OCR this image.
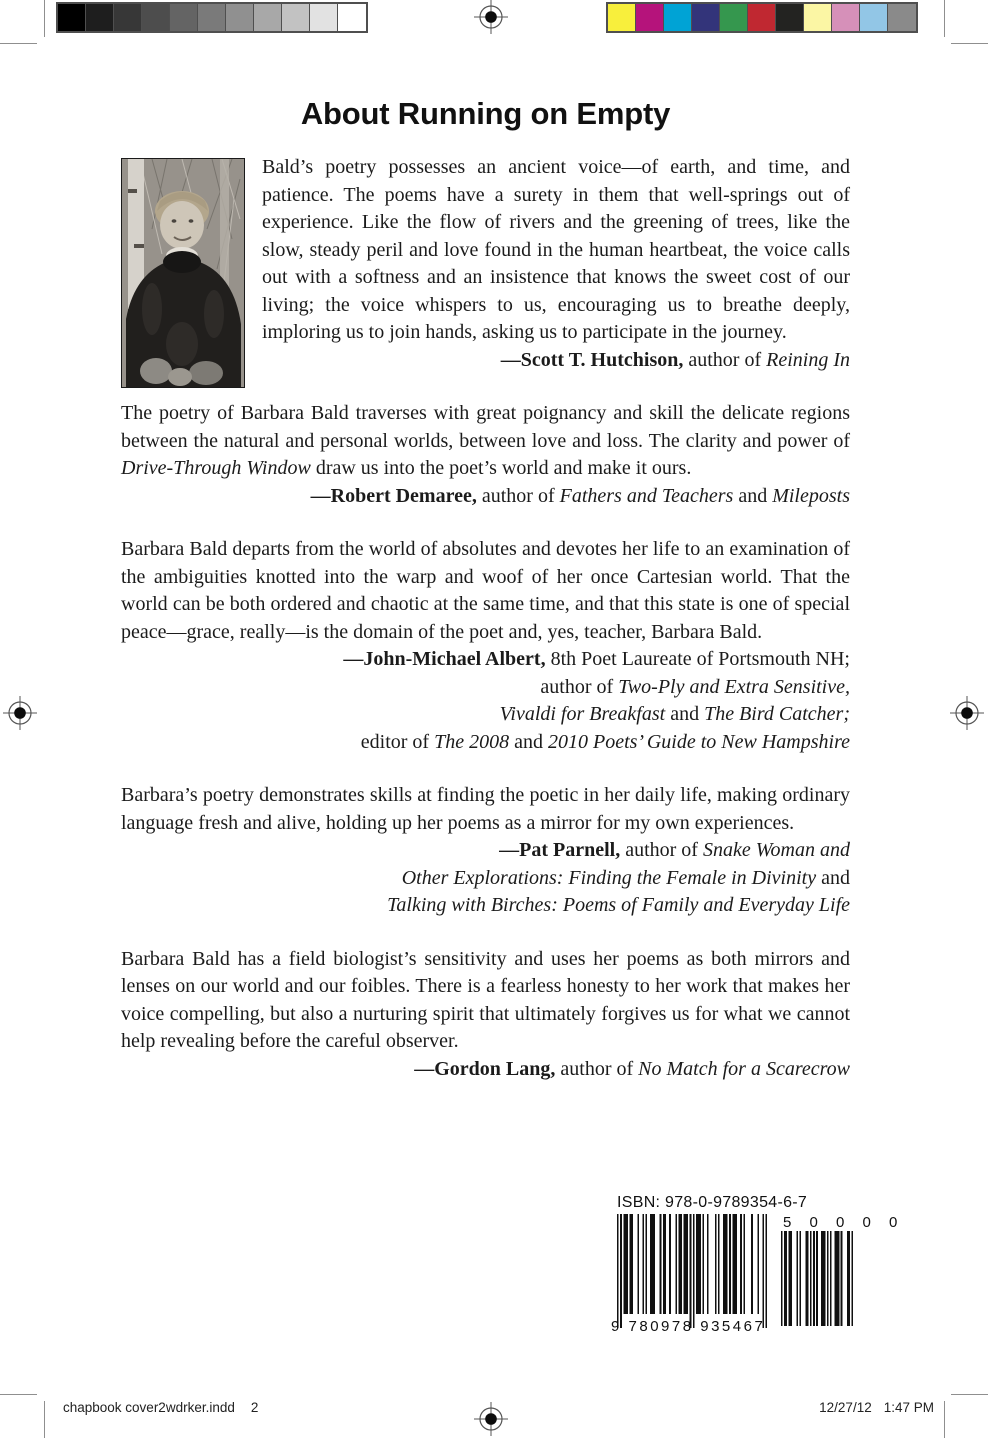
About Running on Empty

Bald’s poetry possesses an ancient voice—of earth, and time, and patience. The poems have a surety in them that well-springs out of experience. Like the flow of rivers and the greening of trees, like the slow, steady peril and love found in the human heartbeat, the voice calls out with a softness and an insistence that knows the sweet cost of our living; the voice whispers to us, encouraging us to breathe deeply, imploring us to join hands, asking us to participate in the journey.

—Scott T. Hutchison, author of Reining In

The poetry of Barbara Bald traverses with great poignancy and skill the delicate regions between the natural and personal worlds, between love and loss. The clarity and power of Drive-Through Window draw us into the poet’s world and make it ours.

—Robert Demaree, author of Fathers and Teachers and Mileposts

Barbara Bald departs from the world of absolutes and devotes her life to an examination of the ambiguities knotted into the warp and woof of her once Cartesian world. That the world can be both ordered and chaotic at the same time, and that this state is one of special peace—grace, really—is the domain of the poet and, yes, teacher, Barbara Bald.

—John-Michael Albert, 8th Poet Laureate of Portsmouth NH;
author of Two-Ply and Extra Sensitive,
Vivaldi for Breakfast and The Bird Catcher;
editor of The 2008 and 2010 Poets’ Guide to New Hampshire

Barbara’s poetry demonstrates skills at finding the poetic in her daily life, making ordinary language fresh and alive, holding up her poems as a mirror for my own experiences.

—Pat Parnell, author of Snake Woman and
Other Explorations: Finding the Female in Divinity and
Talking with Birches: Poems of Family and Everyday Life

Barbara Bald has a field biologist’s sensitivity and uses her poems as both mirrors and lenses on our world and our foibles. There is a fearless honesty to her work that makes her voice compelling, but also a nurturing spirit that ultimately forgives us for what we cannot help revealing before the careful observer.

—Gordon Lang, author of No Match for a Scarecrow
ISBN: 978-0-9789354-6-7
9 780978 935467
5 0 0 0 0
chapbook cover2wdrker.indd 2	12/27/12 1:47 PM
